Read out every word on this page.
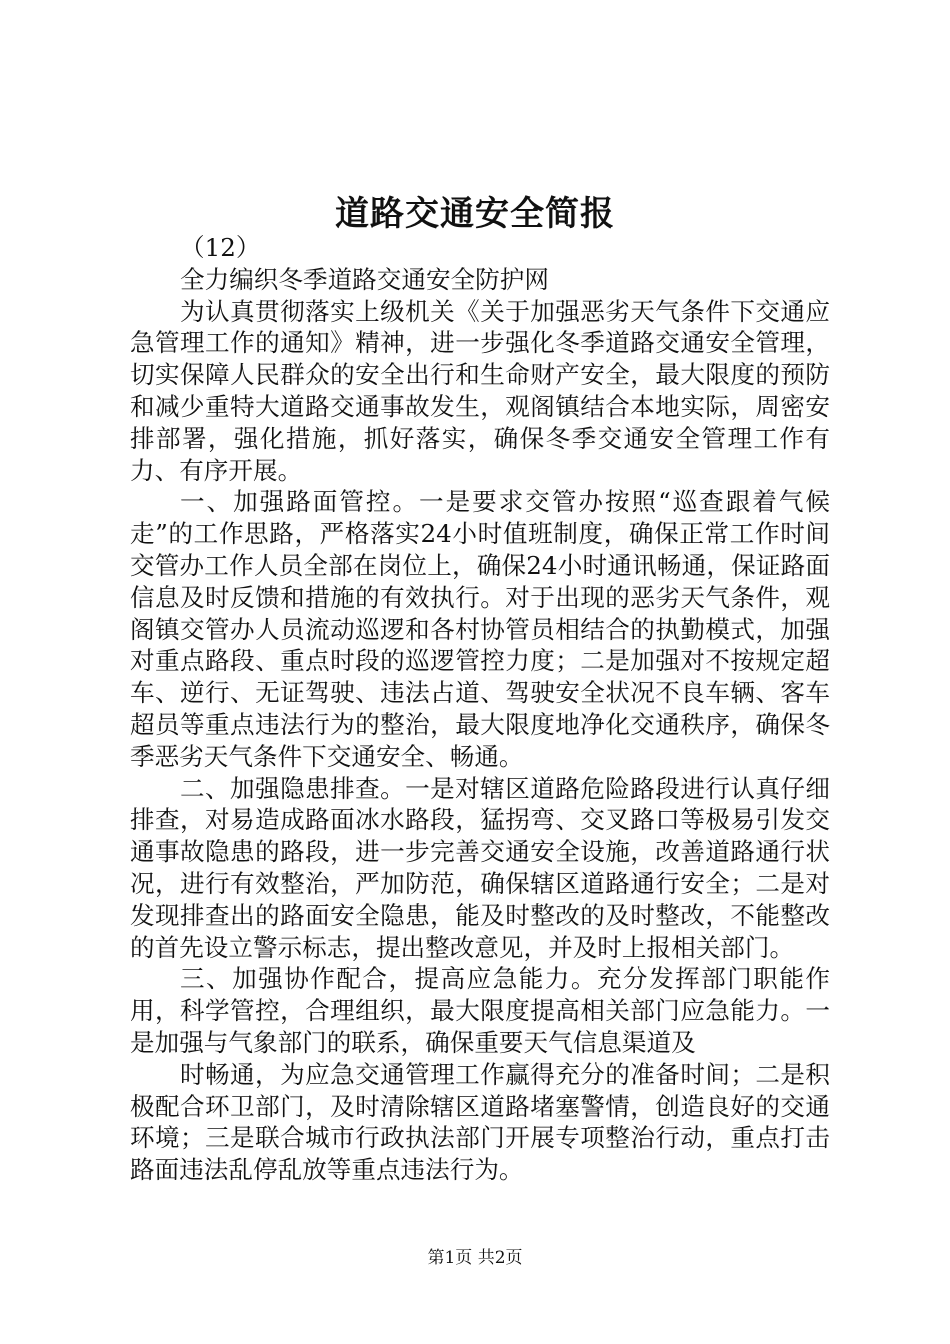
道路交通安全简报

（12）

全力编织冬季道路交通安全防护网

为认真贯彻落实上级机关《关于加强恶劣天气条件下交通应急管理工作的通知》精神，进一步强化冬季道路交通安全管理，切实保障人民群众的安全出行和生命财产安全，最大限度的预防和减少重特大道路交通事故发生，观阁镇结合本地实际，周密安排部署，强化措施，抓好落实，确保冬季交通安全管理工作有力、有序开展。

一、加强路面管控。一是要求交管办按照“巡查跟着气候走”的工作思路，严格落实24小时值班制度，确保正常工作时间交管办工作人员全部在岗位上，确保24小时通讯畅通，保证路面信息及时反馈和措施的有效执行。对于出现的恶劣天气条件，观阁镇交管办人员流动巡逻和各村协管员相结合的执勤模式，加强对重点路段、重点时段的巡逻管控力度；二是加强对不按规定超车、逆行、无证驾驶、违法占道、驾驶安全状况不良车辆、客车超员等重点违法行为的整治，最大限度地净化交通秩序，确保冬季恶劣天气条件下交通安全、畅通。

二、加强隐患排查。一是对辖区道路危险路段进行认真仔细排查，对易造成路面冰水路段，猛拐弯、交叉路口等极易引发交通事故隐患的路段，进一步完善交通安全设施，改善道路通行状况，进行有效整治，严加防范，确保辖区道路通行安全；二是对发现排查出的路面安全隐患，能及时整改的及时整改，不能整改的首先设立警示标志，提出整改意见，并及时上报相关部门。

三、加强协作配合，提高应急能力。充分发挥部门职能作用，科学管控，合理组织，最大限度提高相关部门应急能力。一是加强与气象部门的联系，确保重要天气信息渠道及

时畅通，为应急交通管理工作赢得充分的准备时间；二是积极配合环卫部门，及时清除辖区道路堵塞警情，创造良好的交通环境；三是联合城市行政执法部门开展专项整治行动，重点打击路面违法乱停乱放等重点违法行为。

第1页 共2页
